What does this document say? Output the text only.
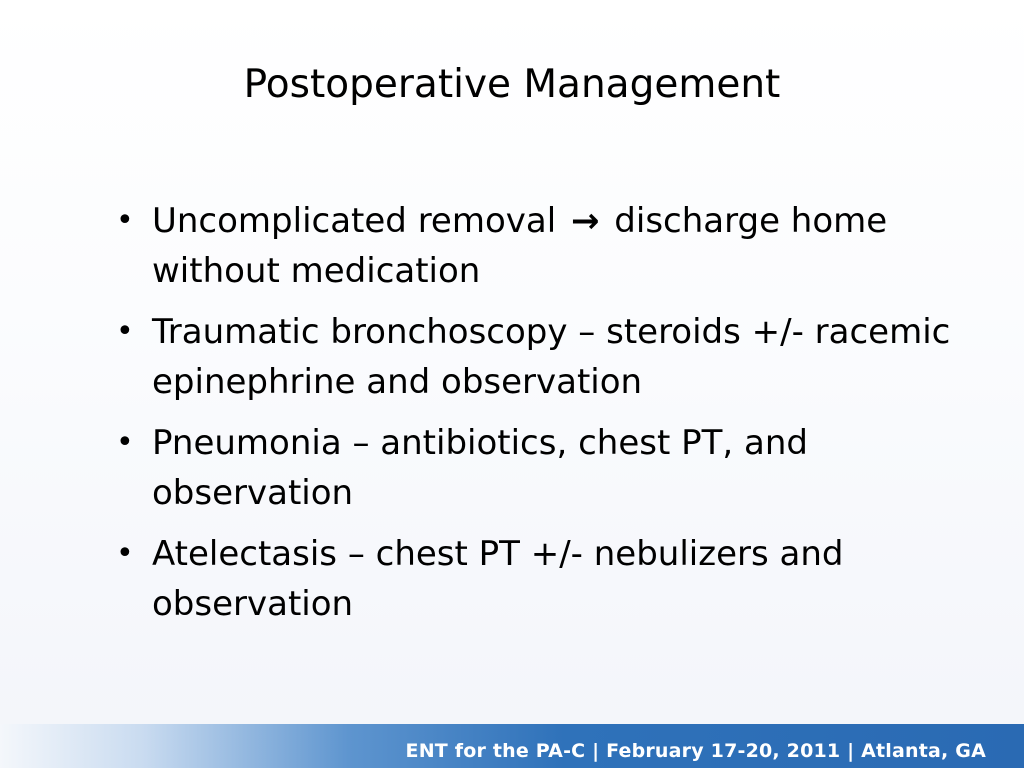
Postoperative Management
• Uncomplicated removal → discharge home without medication
• Traumatic bronchoscopy – steroids +/- racemic epinephrine and observation
• Pneumonia – antibiotics, chest PT, and observation
• Atelectasis – chest PT +/- nebulizers and observation
ENT for the PA-C | February 17-20, 2011 | Atlanta, GA
